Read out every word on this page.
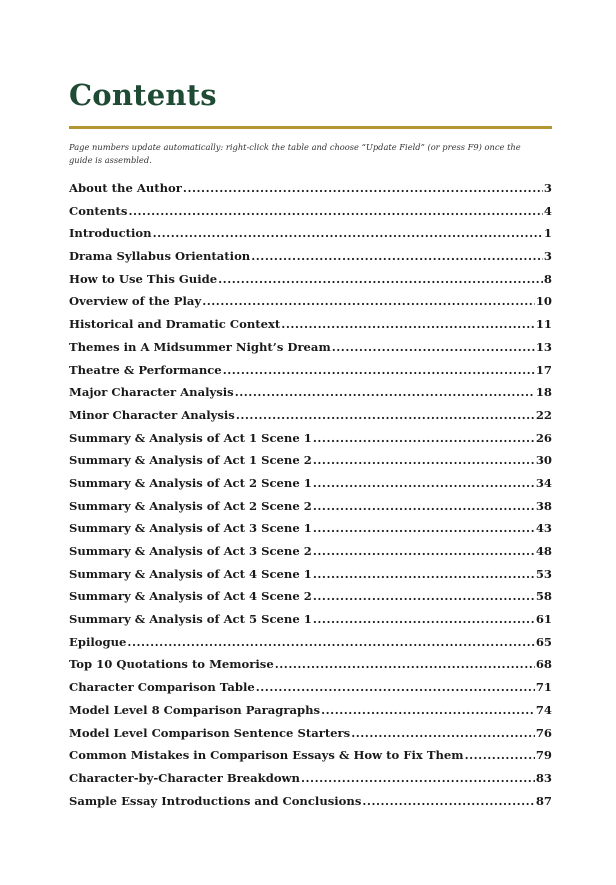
Contents

Page numbers update automatically: right-click the table and choose “Update Field” (or press F9) once the guide is assembled.

About the Author .....	3
Contents .....	4
Introduction .....	1
Drama Syllabus Orientation .....	3
How to Use This Guide .....	8
Overview of the Play .....	10
Historical and Dramatic Context .....	11
Themes in A Midsummer Night’s Dream .....	13
Theatre & Performance .....	17
Major Character Analysis .....	18
Minor Character Analysis .....	22
Summary & Analysis of Act 1 Scene 1 .....	26
Summary & Analysis of Act 1 Scene 2 .....	30
Summary & Analysis of Act 2 Scene 1 .....	34
Summary & Analysis of Act 2 Scene 2 .....	38
Summary & Analysis of Act 3 Scene 1 .....	43
Summary & Analysis of Act 3 Scene 2 .....	48
Summary & Analysis of Act 4 Scene 1 .....	53
Summary & Analysis of Act 4 Scene 2 .....	58
Summary & Analysis of Act 5 Scene 1 .....	61
Epilogue .....	65
Top 10 Quotations to Memorise .....	68
Character Comparison Table .....	71
Model Level 8 Comparison Paragraphs .....	74
Model Level Comparison Sentence Starters .....	76
Common Mistakes in Comparison Essays & How to Fix Them .....	79
Character-by-Character Breakdown .....	83
Sample Essay Introductions and Conclusions .....	87
